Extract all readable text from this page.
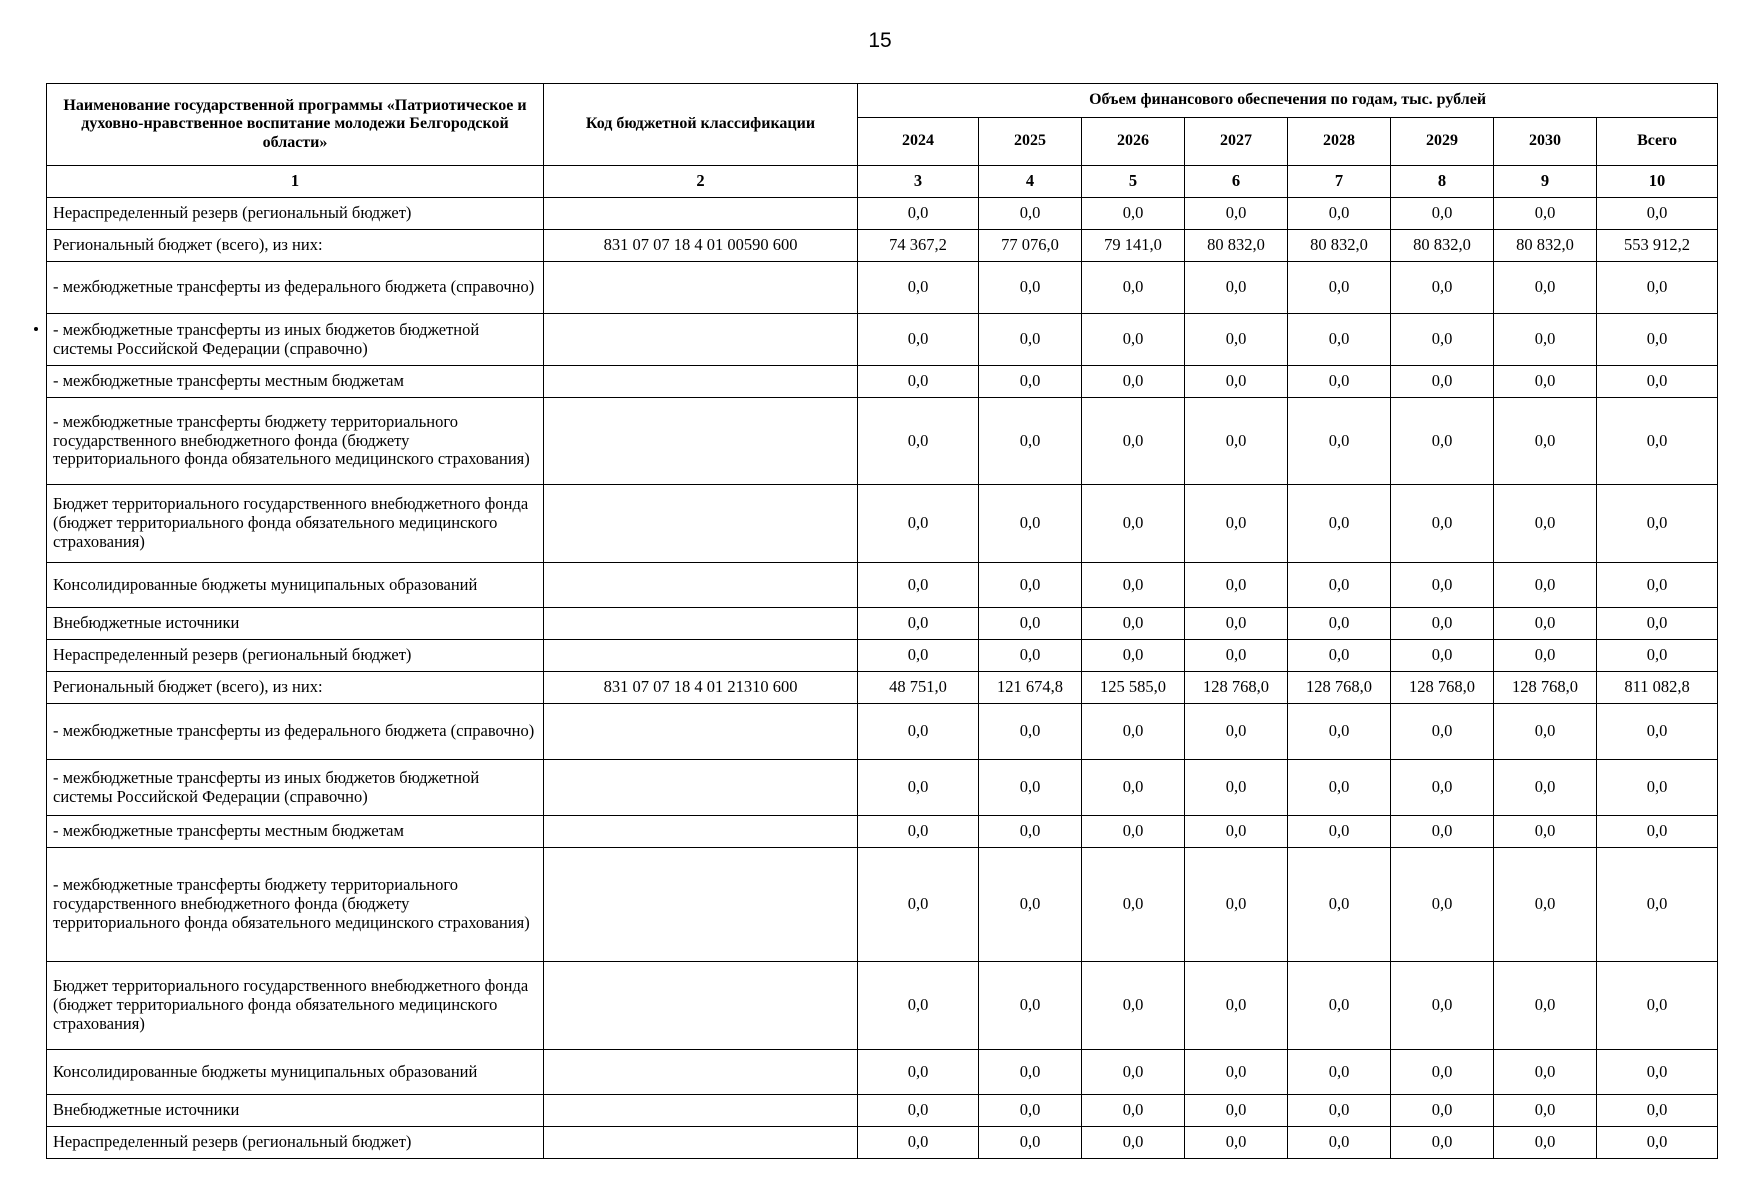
15
Наименование государственной программы «Патриотическое и духовно-нравственное воспитание молодежи Белгородской области»	Код бюджетной классификации	Объем финансового обеспечения по годам, тыс. рублей							
		2024	2025	2026	2027	2028	2029	2030	Всего
1	2	3	4	5	6	7	8	9	10
Нераспределенный резерв (региональный бюджет)		0,0	0,0	0,0	0,0	0,0	0,0	0,0	0,0
Региональный бюджет (всего), из них:	831 07 07 18 4 01 00590 600	74 367,2	77 076,0	79 141,0	80 832,0	80 832,0	80 832,0	80 832,0	553 912,2
- межбюджетные трансферты из федерального бюджета (справочно)		0,0	0,0	0,0	0,0	0,0	0,0	0,0	0,0
- межбюджетные трансферты из иных бюджетов бюджетной системы Российской Федерации (справочно)		0,0	0,0	0,0	0,0	0,0	0,0	0,0	0,0
- межбюджетные трансферты местным бюджетам		0,0	0,0	0,0	0,0	0,0	0,0	0,0	0,0
- межбюджетные трансферты бюджету территориального государственного внебюджетного фонда (бюджету территориального фонда обязательного медицинского страхования)		0,0	0,0	0,0	0,0	0,0	0,0	0,0	0,0
Бюджет территориального государственного внебюджетного фонда (бюджет территориального фонда обязательного медицинского страхования)		0,0	0,0	0,0	0,0	0,0	0,0	0,0	0,0
Консолидированные бюджеты муниципальных образований		0,0	0,0	0,0	0,0	0,0	0,0	0,0	0,0
Внебюджетные источники		0,0	0,0	0,0	0,0	0,0	0,0	0,0	0,0
Нераспределенный резерв (региональный бюджет)		0,0	0,0	0,0	0,0	0,0	0,0	0,0	0,0
Региональный бюджет (всего), из них:	831 07 07 18 4 01 21310 600	48 751,0	121 674,8	125 585,0	128 768,0	128 768,0	128 768,0	128 768,0	811 082,8
- межбюджетные трансферты из федерального бюджета (справочно)		0,0	0,0	0,0	0,0	0,0	0,0	0,0	0,0
- межбюджетные трансферты из иных бюджетов бюджетной системы Российской Федерации (справочно)		0,0	0,0	0,0	0,0	0,0	0,0	0,0	0,0
- межбюджетные трансферты местным бюджетам		0,0	0,0	0,0	0,0	0,0	0,0	0,0	0,0
- межбюджетные трансферты бюджету территориального государственного внебюджетного фонда (бюджету территориального фонда обязательного медицинского страхования)		0,0	0,0	0,0	0,0	0,0	0,0	0,0	0,0
Бюджет территориального государственного внебюджетного фонда (бюджет территориального фонда обязательного медицинского страхования)		0,0	0,0	0,0	0,0	0,0	0,0	0,0	0,0
Консолидированные бюджеты муниципальных образований		0,0	0,0	0,0	0,0	0,0	0,0	0,0	0,0
Внебюджетные источники		0,0	0,0	0,0	0,0	0,0	0,0	0,0	0,0
Нераспределенный резерв (региональный бюджет)		0,0	0,0	0,0	0,0	0,0	0,0	0,0	0,0
